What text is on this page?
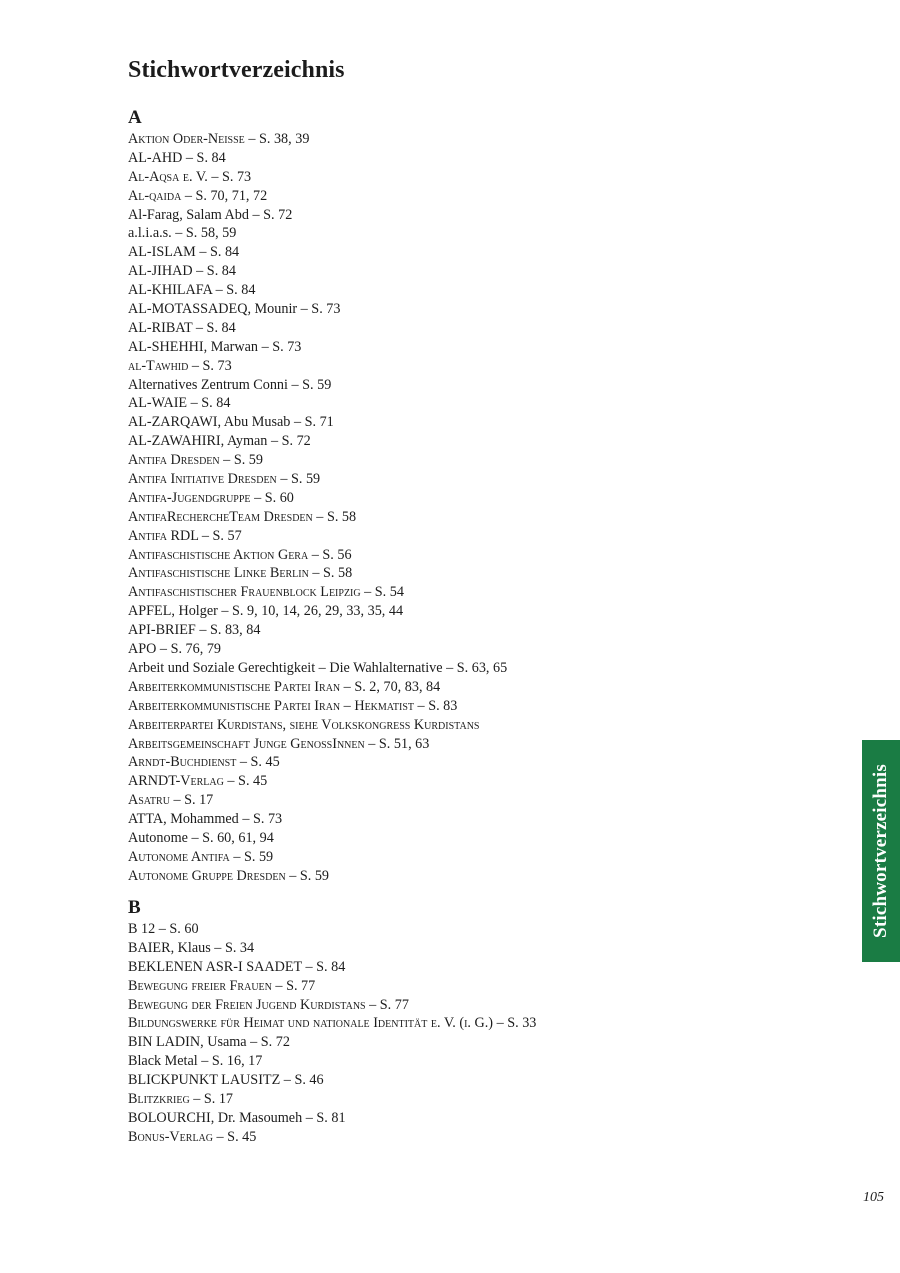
Stichwortverzeichnis
A
Aktion Oder-Neiße – S. 38, 39
AL-AHD – S. 84
Al-Aqsa e. V. – S. 73
Al-qaida – S. 70, 71, 72
Al-Farag, Salam Abd – S. 72
a.l.i.a.s. – S. 58, 59
AL-ISLAM – S. 84
AL-JIHAD – S. 84
AL-KHILAFA – S. 84
AL-MOTASSADEQ, Mounir – S. 73
AL-RIBAT – S. 84
AL-SHEHHI, Marwan – S. 73
al-Tawhid – S. 73
Alternatives Zentrum Conni – S. 59
AL-WAIE – S. 84
AL-ZARQAWI, Abu Musab – S. 71
AL-ZAWAHIRI, Ayman – S. 72
Antifa Dresden – S. 59
Antifa Initiative Dresden – S. 59
Antifa-Jugendgruppe – S. 60
AntifaRechercheTeam Dresden – S. 58
Antifa RDL – S. 57
Antifaschistische Aktion Gera – S. 56
Antifaschistische Linke Berlin – S. 58
Antifaschistischer Frauenblock Leipzig – S. 54
APFEL, Holger – S. 9, 10, 14, 26, 29, 33, 35, 44
API-BRIEF – S. 83, 84
APO – S. 76, 79
Arbeit und Soziale Gerechtigkeit – Die Wahlalternative – S. 63, 65
Arbeiterkommunistische Partei Iran – S. 2, 70, 83, 84
Arbeiterkommunistische Partei Iran – Hekmatist – S. 83
Arbeiterpartei Kurdistans, siehe Volkskongress Kurdistans
Arbeitsgemeinschaft Junge GenossInnen – S. 51, 63
Arndt-Buchdienst – S. 45
ARNDT-Verlag – S. 45
Asatru – S. 17
ATTA, Mohammed – S. 73
Autonome – S. 60, 61, 94
Autonome Antifa – S. 59
Autonome Gruppe Dresden – S. 59
B
B 12 – S. 60
BAIER, Klaus – S. 34
BEKLENEN ASR-I SAADET – S. 84
Bewegung freier Frauen – S. 77
Bewegung der Freien Jugend Kurdistans – S. 77
Bildungswerke für Heimat und nationale Identität e. V. (i. G.) – S. 33
BIN LADIN, Usama – S. 72
Black Metal – S. 16, 17
BLICKPUNKT LAUSITZ – S. 46
Blitzkrieg – S. 17
BOLOURCHI, Dr. Masoumeh – S. 81
Bonus-Verlag – S. 45
Stichwortverzeichnis
105
